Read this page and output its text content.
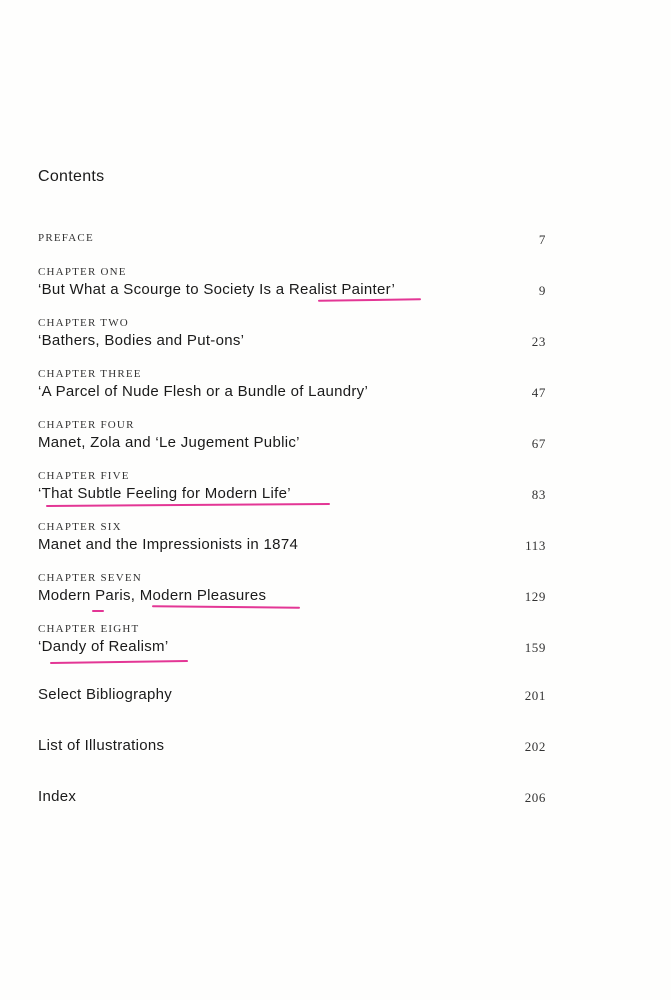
Contents
PREFACE	7
CHAPTER ONE
‘But What a Scourge to Society Is a Realist Painter’	9
CHAPTER TWO
‘Bathers, Bodies and Put-ons’	23
CHAPTER THREE
‘A Parcel of Nude Flesh or a Bundle of Laundry’	47
CHAPTER FOUR
Manet, Zola and ‘Le Jugement Public’	67
CHAPTER FIVE
‘That Subtle Feeling for Modern Life’	83
CHAPTER SIX
Manet and the Impressionists in 1874	113
CHAPTER SEVEN
Modern Paris, Modern Pleasures	129
CHAPTER EIGHT
‘Dandy of Realism’	159
Select Bibliography	201
List of Illustrations	202
Index	206
